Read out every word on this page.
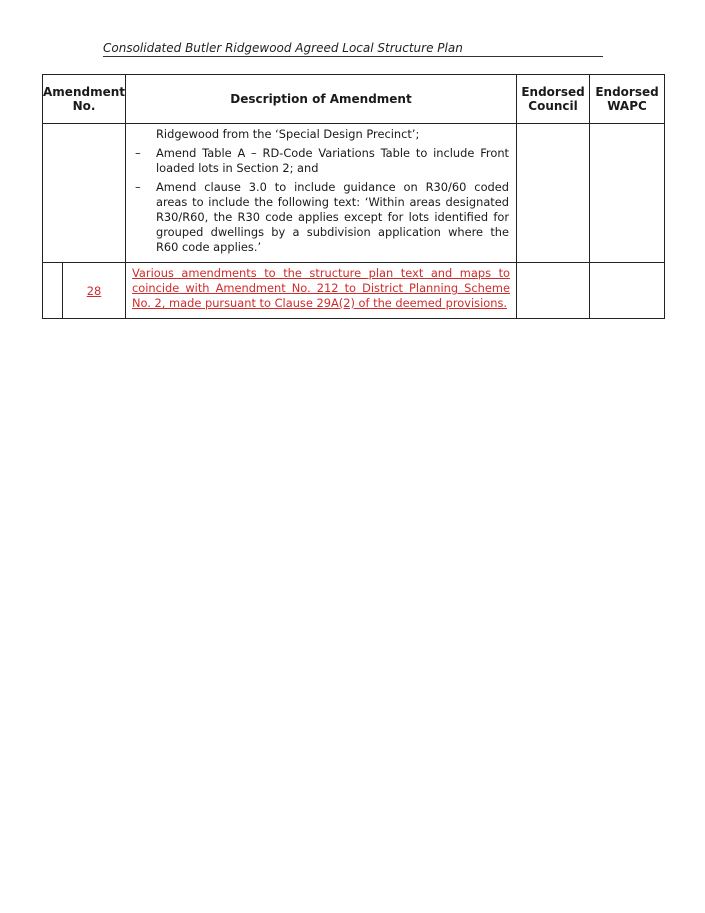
Consolidated Butler Ridgewood Agreed Local Structure Plan
Amendment No.		Description of Amendment	Endorsed Council	Endorsed WAPC

		Ridgewood from the ‘Special Design Precinct’;
– Amend Table A – RD-Code Variations Table to include Front loaded lots in Section 2; and
– Amend clause 3.0 to include guidance on R30/60 coded areas to include the following text: ‘Within areas designated R30/R60, the R30 code applies except for lots identified for grouped dwellings by a subdivision application where the R60 code applies.’		

	28	Various amendments to the structure plan text and maps to coincide with Amendment No. 212 to District Planning Scheme No. 2, made pursuant to Clause 29A(2) of the deemed provisions.		
